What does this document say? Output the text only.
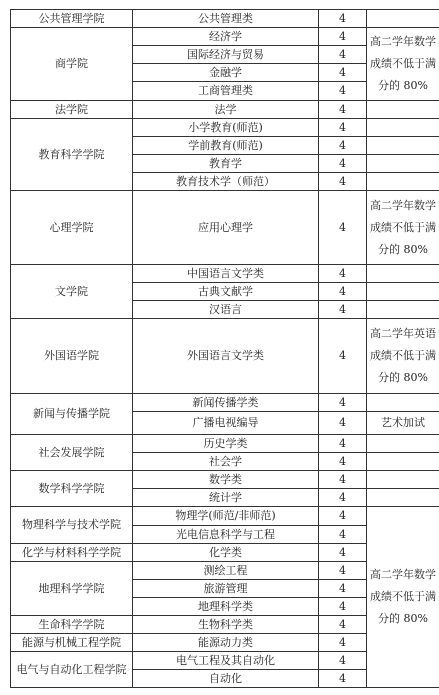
公共管理学院	公共管理类	4	
商学院	经济学	4	高二学年数学成绩不低于满分的 80%
	国际经济与贸易	4	
	金融学	4	
	工商管理类	4	
法学院	法学	4	
教育科学学院	小学教育(师范)	4	
	学前教育(师范)	4	
	教育学	4	
	教育技术学（师范）	4	
心理学院	应用心理学	4	高二学年数学成绩不低于满分的 80%
文学院	中国语言文学类	4	
	古典文献学	4	
	汉语言	4	
外国语学院	外国语言文学类	4	高二学年英语成绩不低于满分的 80%
新闻与传播学院	新闻传播学类	4	
	广播电视编导	4	艺术加试
社会发展学院	历史学类	4	
	社会学	4	
数学科学学院	数学类	4	
	统计学	4	
物理科学与技术学院	物理学(师范/非师范)	4	高二学年数学成绩不低于满分的 80%
	光电信息科学与工程	4	
化学与材料科学学院	化学类	4	
地理科学学院	测绘工程	4	
	旅游管理	4	
	地理科学类	4	
生命科学学院	生物科学类	4	
能源与机械工程学院	能源动力类	4	
电气与自动化工程学院	电气工程及其自动化	4	
	自动化	4	
